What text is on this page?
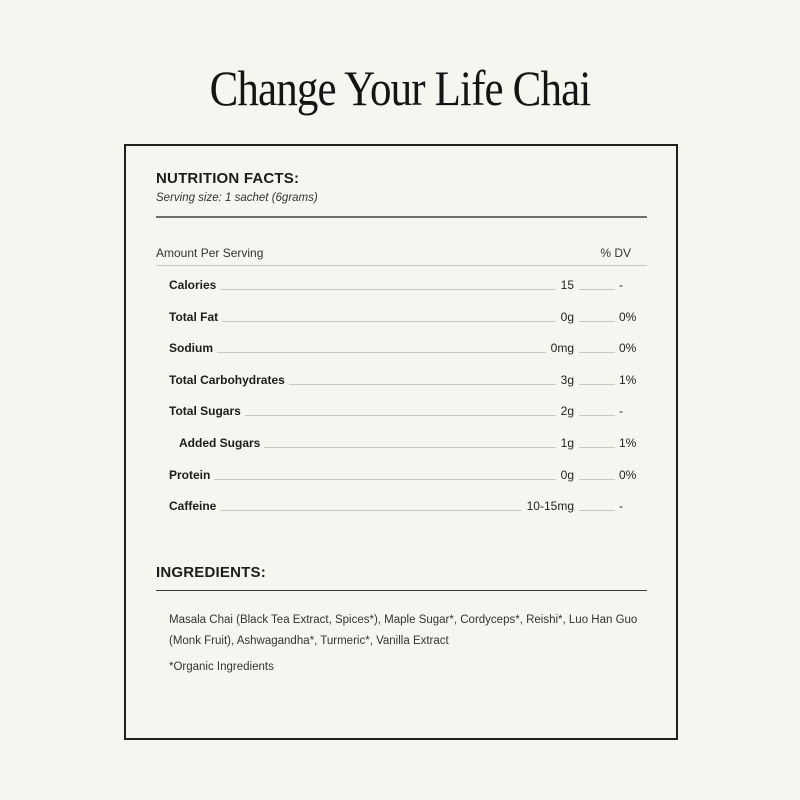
Change Your Life Chai
NUTRITION FACTS:
Serving size: 1 sachet (6grams)
Amount Per Serving	% DV
Calories	15	-
Total Fat	0g	0%
Sodium	0mg	0%
Total Carbohydrates	3g	1%
Total Sugars	2g	-
Added Sugars	1g	1%
Protein	0g	0%
Caffeine	10-15mg	-
INGREDIENTS:
Masala Chai (Black Tea Extract, Spices*), Maple Sugar*, Cordyceps*, Reishi*, Luo Han Guo (Monk Fruit), Ashwagandha*, Turmeric*, Vanilla Extract
*Organic Ingredients
